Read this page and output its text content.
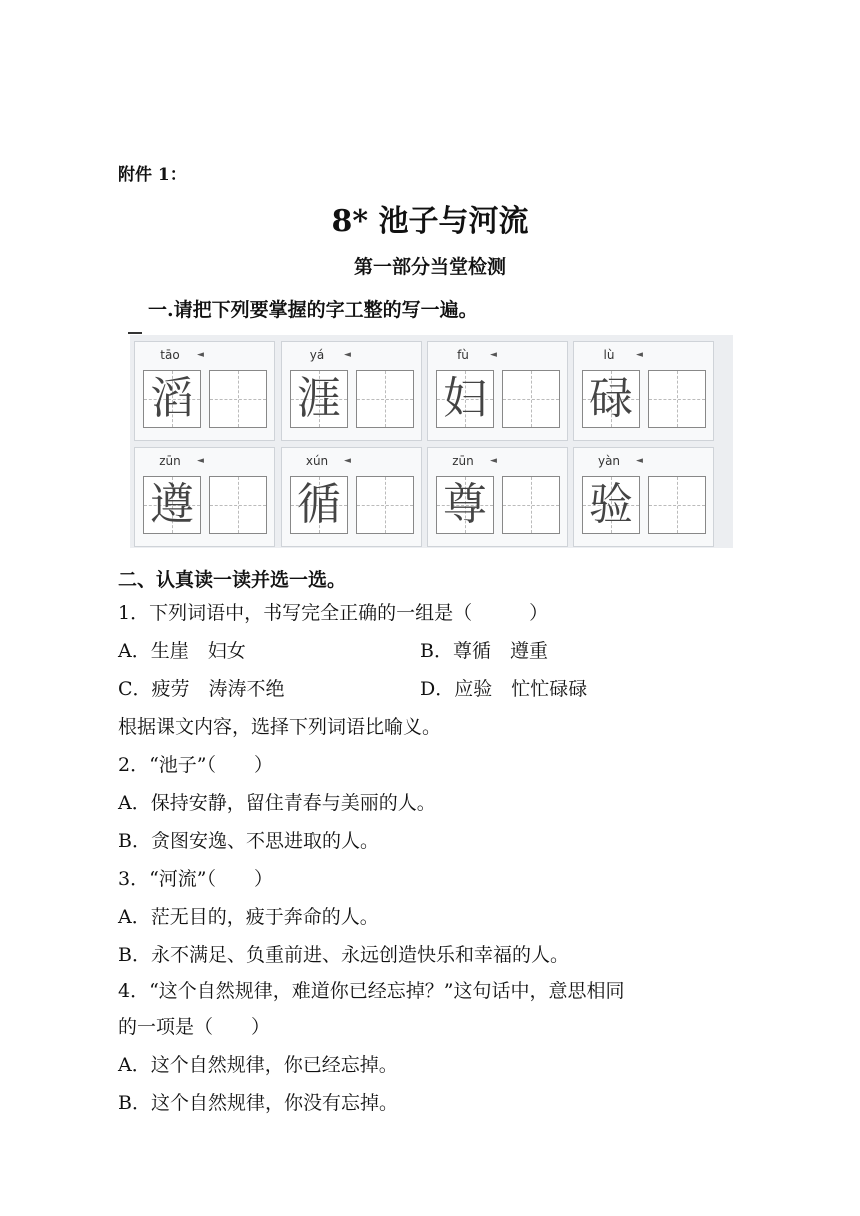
附件 1：
8* 池子与河流
第一部分当堂检测
一.请把下列要掌握的字工整的写一遍。
tāo	◄
滔
yá	◄
涯
fù	◄
妇
lù	◄
碌
zūn	◄
遵
xún	◄
循
zūn	◄
尊
yàn	◄
验
二、认真读一读并选一选。
1．下列词语中，书写完全正确的一组是（　　　）
A．生崖　妇女	B．尊循　遵重
C．疲劳　涛涛不绝	D．应验　忙忙碌碌
根据课文内容，选择下列词语比喻义。
2．“池子”（　　）
A．保持安静，留住青春与美丽的人。
B．贪图安逸、不思进取的人。
3．“河流”（　　）
A．茫无目的，疲于奔命的人。
B．永不满足、负重前进、永远创造快乐和幸福的人。
4．“这个自然规律，难道你已经忘掉？”这句话中，意思相同
的一项是（　　）
A．这个自然规律，你已经忘掉。
B．这个自然规律，你没有忘掉。
